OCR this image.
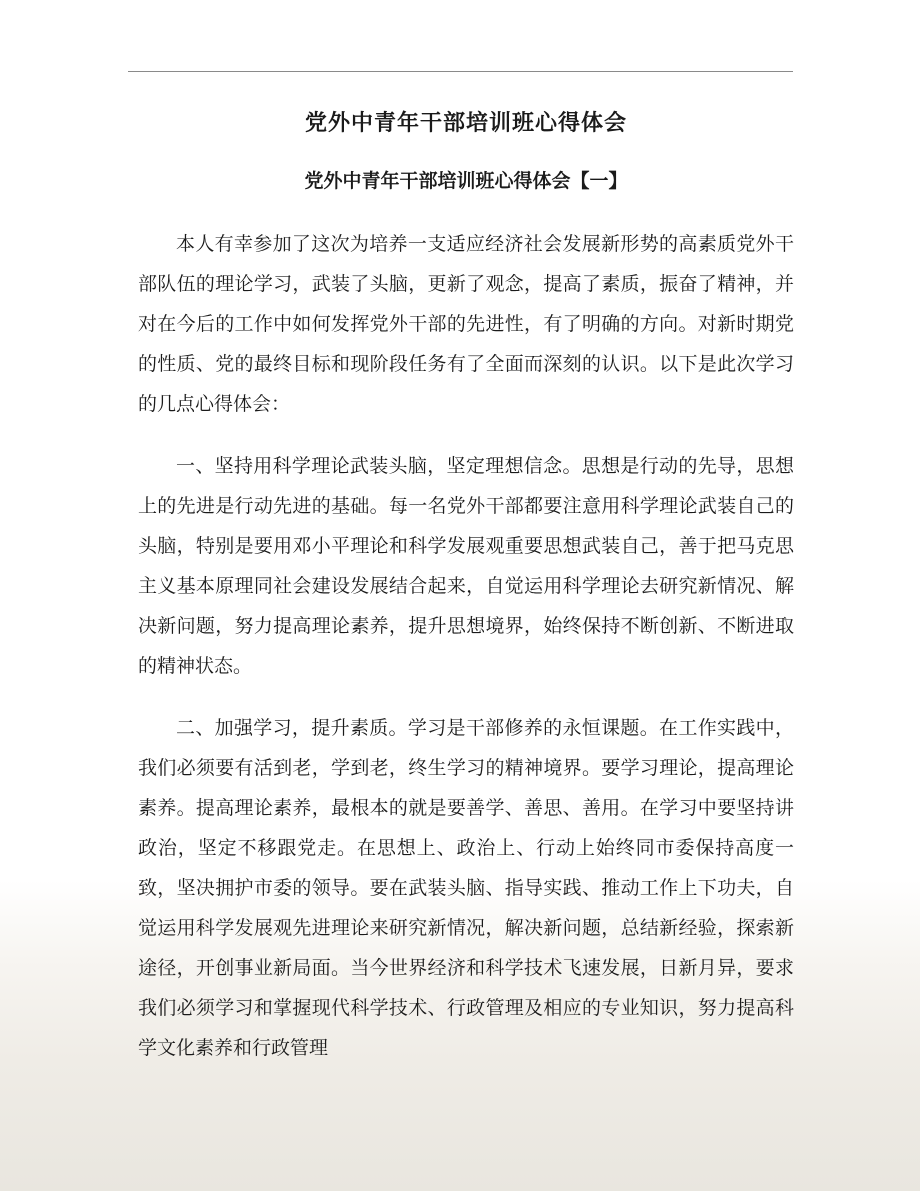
党外中青年干部培训班心得体会
党外中青年干部培训班心得体会【一】

本人有幸参加了这次为培养一支适应经济社会发展新形势的高素质党外干部队伍的理论学习，武装了头脑，更新了观念，提高了素质，振奋了精神，并对在今后的工作中如何发挥党外干部的先进性，有了明确的方向。对新时期党的性质、党的最终目标和现阶段任务有了全面而深刻的认识。以下是此次学习的几点心得体会：

一、坚持用科学理论武装头脑，坚定理想信念。思想是行动的先导，思想上的先进是行动先进的基础。每一名党外干部都要注意用科学理论武装自己的头脑，特别是要用邓小平理论和科学发展观重要思想武装自己，善于把马克思主义基本原理同社会建设发展结合起来，自觉运用科学理论去研究新情况、解决新问题，努力提高理论素养，提升思想境界，始终保持不断创新、不断进取的精神状态。

二、加强学习，提升素质。学习是干部修养的永恒课题。在工作实践中，我们必须要有活到老，学到老，终生学习的精神境界。要学习理论，提高理论素养。提高理论素养，最根本的就是要善学、善思、善用。在学习中要坚持讲政治，坚定不移跟党走。在思想上、政治上、行动上始终同市委保持高度一致，坚决拥护市委的领导。要在武装头脑、指导实践、推动工作上下功夫，自觉运用科学发展观先进理论来研究新情况，解决新问题，总结新经验，探索新途径，开创事业新局面。当今世界经济和科学技术飞速发展，日新月异，要求我们必须学习和掌握现代科学技术、行政管理及相应的专业知识，努力提高科学文化素养和行政管理
